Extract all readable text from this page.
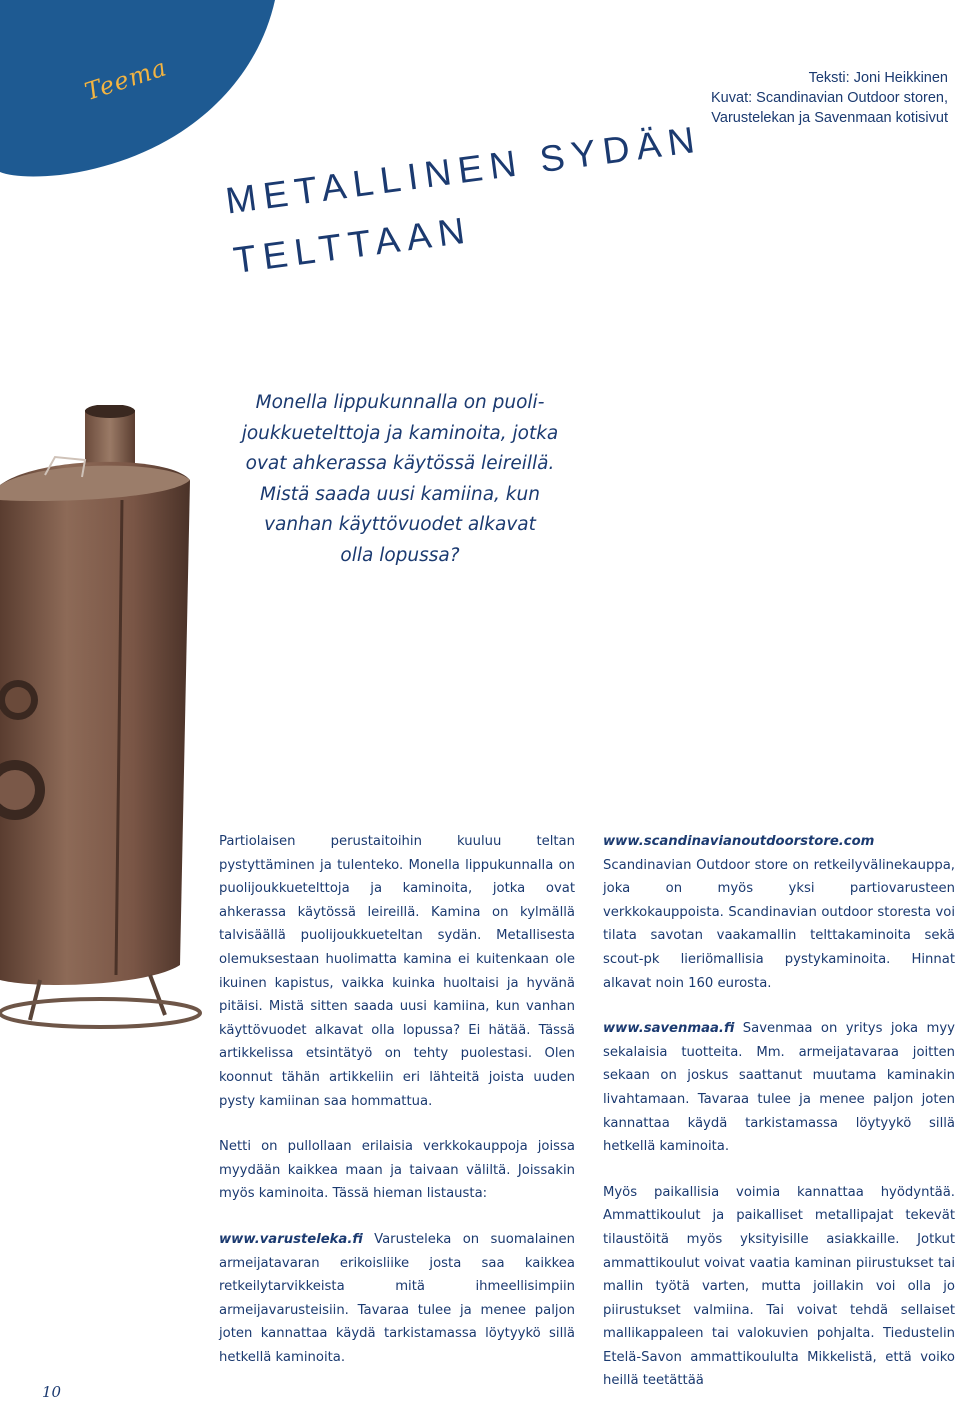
Teema	Teksti: Joni Heikkinen
Kuvat: Scandinavian Outdoor storen,
Varustelekan ja Savenmaan kotisivut
METALLINEN SYDÄN
TELTTAAN
Monella lippukunnalla on puoli-
joukkuetelttoja ja kaminoita, jotka
ovat ahkerassa käytössä leireillä.
Mistä saada uusi kamiina, kun
vanhan käyttövuodet alkavat
olla lopussa?

Partiolaisen perustaitoihin kuuluu teltan pystyttäminen ja tulenteko. Monella lippukunnalla on puolijoukkuetelttoja ja kaminoita, jotka ovat ahkerassa käytössä leireillä. Kamina on kylmällä talvisäällä puolijoukkueteltan sydän. Metallisesta olemuksestaan huolimatta kamina ei kuitenkaan ole ikuinen kapistus, vaikka kuinka huoltaisi ja hyvänä pitäisi. Mistä sitten saada uusi kamiina, kun vanhan käyttövuodet alkavat olla lopussa? Ei hätää. Tässä artikkelissa etsintätyö on tehty puolestasi. Olen koonnut tähän artikkeliin eri lähteitä joista uuden pysty kamiinan saa hommattua.

Netti on pullollaan erilaisia verkkokauppoja joissa myydään kaikkea maan ja taivaan väliltä. Joissakin myös kaminoita. Tässä hieman listausta:

www.varusteleka.fi Varusteleka on suomalainen armeijatavaran erikoisliike josta saa kaikkea retkeilytarvikkeista mitä ihmeellisimpiin armeijavarusteisiin. Tavaraa tulee ja menee paljon joten kannattaa käydä tarkistamassa löytyykö sillä hetkellä kaminoita.

www.scandinavianoutdoorstore.com Scandinavian Outdoor store on retkeilyvälinekauppa, joka on myös yksi partiovarusteen verkkokauppoista. Scandinavian outdoor storesta voi tilata savotan vaakamallin telttakaminoita sekä scout-pk lieriömallisia pystykaminoita. Hinnat alkavat noin 160 eurosta.

www.savenmaa.fi Savenmaa on yritys joka myy sekalaisia tuotteita. Mm. armeijatavaraa joitten sekaan on joskus saattanut muutama kaminakin livahtamaan. Tavaraa tulee ja menee paljon joten kannattaa käydä tarkistamassa löytyykö sillä hetkellä kaminoita.

Myös paikallisia voimia kannattaa hyödyntää. Ammattikoulut ja paikalliset metallipajat tekevät tilaustöitä myös yksityisille asiakkaille. Jotkut ammattikoulut voivat vaatia kaminan piirustukset tai mallin työtä varten, mutta joillakin voi olla jo piirustukset valmiina. Tai voivat tehdä sellaiset mallikappaleen tai valokuvien pohjalta. Tiedustelin Etelä-Savon ammattikoululta Mikkelistä, että voiko heillä teetättää

10
